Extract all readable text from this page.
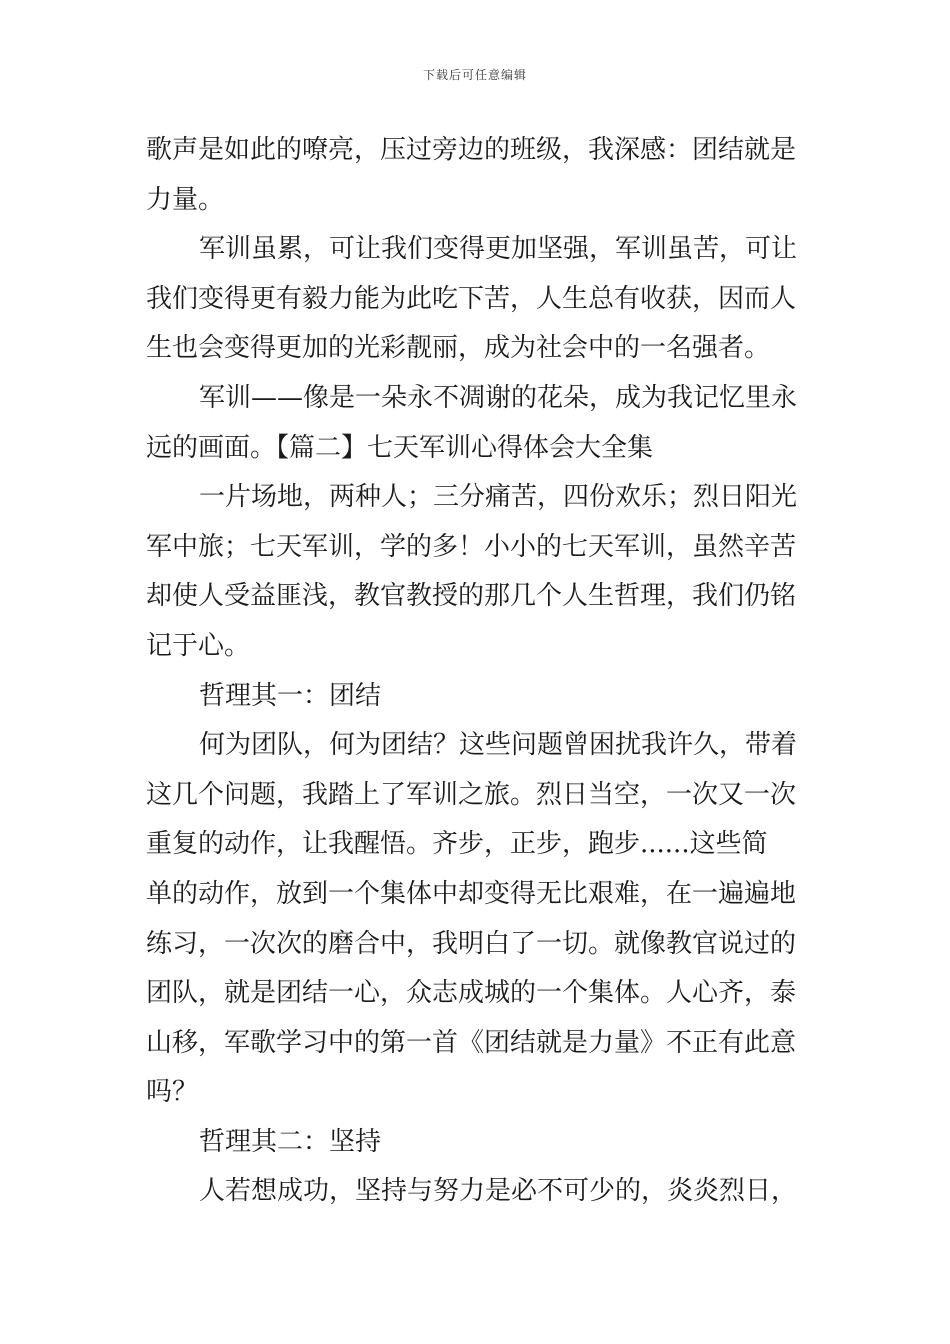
下载后可任意编辑
歌声是如此的嘹亮，压过旁边的班级，我深感：团结就是
力量。
军训虽累，可让我们变得更加坚强，军训虽苦，可让
我们变得更有毅力能为此吃下苦，人生总有收获，因而人
生也会变得更加的光彩靓丽，成为社会中的一名强者。
军训——像是一朵永不凋谢的花朵，成为我记忆里永
远的画面。【篇二】七天军训心得体会大全集
一片场地，两种人；三分痛苦，四份欢乐；烈日阳光
军中旅；七天军训，学的多！小小的七天军训，虽然辛苦
却使人受益匪浅，教官教授的那几个人生哲理，我们仍铭
记于心。
哲理其一：团结
何为团队，何为团结？这些问题曾困扰我许久，带着
这几个问题，我踏上了军训之旅。烈日当空，一次又一次
重复的动作，让我醒悟。齐步，正步，跑步......这些简
单的动作，放到一个集体中却变得无比艰难，在一遍遍地
练习，一次次的磨合中，我明白了一切。就像教官说过的
团队，就是团结一心，众志成城的一个集体。人心齐，泰
山移，军歌学习中的第一首《团结就是力量》不正有此意
吗？
哲理其二：坚持
人若想成功，坚持与努力是必不可少的，炎炎烈日，
